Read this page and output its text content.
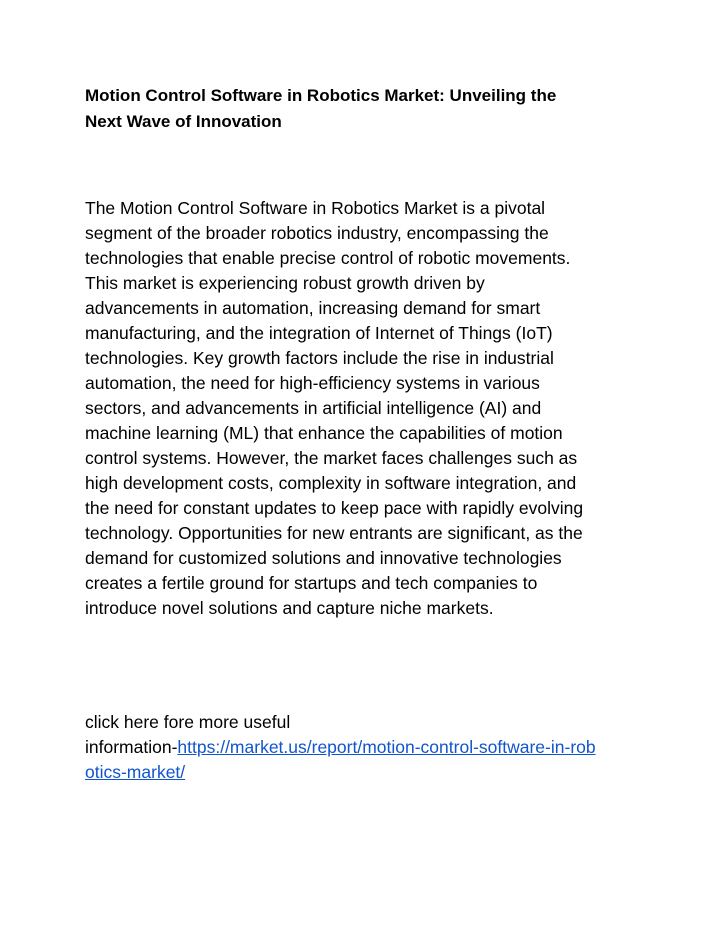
Motion Control Software in Robotics Market: Unveiling the
Next Wave of Innovation

The Motion Control Software in Robotics Market is a pivotal
segment of the broader robotics industry, encompassing the
technologies that enable precise control of robotic movements.
This market is experiencing robust growth driven by
advancements in automation, increasing demand for smart
manufacturing, and the integration of Internet of Things (IoT)
technologies. Key growth factors include the rise in industrial
automation, the need for high-efficiency systems in various
sectors, and advancements in artificial intelligence (AI) and
machine learning (ML) that enhance the capabilities of motion
control systems. However, the market faces challenges such as
high development costs, complexity in software integration, and
the need for constant updates to keep pace with rapidly evolving
technology. Opportunities for new entrants are significant, as the
demand for customized solutions and innovative technologies
creates a fertile ground for startups and tech companies to
introduce novel solutions and capture niche markets.

click here fore more useful
information-https://market.us/report/motion-control-software-in-rob
otics-market/
